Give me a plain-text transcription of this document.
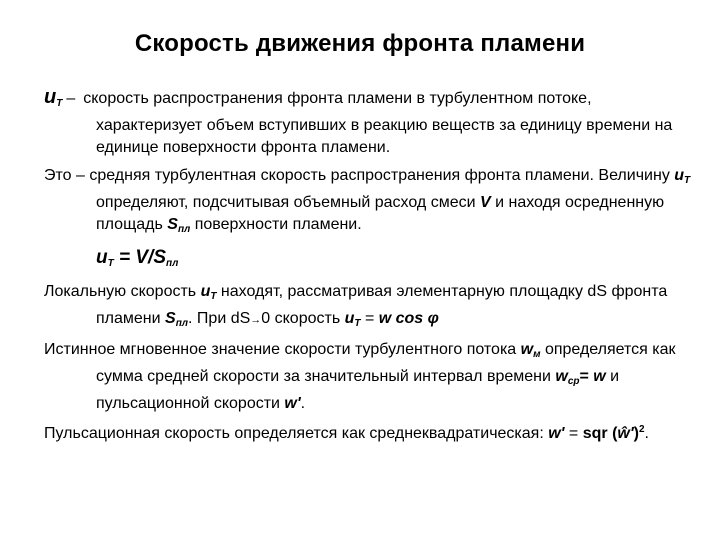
Скорость движения фронта пламени

$u_T$ – скорость распространения фронта пламени в турбулентном потоке, характеризует объем вступивших в реакцию веществ за единицу времени на единице поверхности фронта пламени.

Это – средняя турбулентная скорость распространения фронта пламени. Величину $u_T$ определяют, подсчитывая объемный расход смеси V и находя осредненную площадь $S_{пл}$ поверхности пламени.

$u_T = V/S_{пл}$

Локальную скорость $u_T$ находят, рассматривая элементарную площадку dS фронта пламени $S_{пл}$. При dS→0 скорость $u_T = w$ cos φ

Истинное мгновенное значение скорости турбулентного потока $w_м$ определяется как сумма средней скорости за значительный интервал времени $w_{ср}= w$ и пульсационной скорости w'.

Пульсационная скорость определяется как среднеквадратическая: w' = sqr (ŵ')$^2$.
